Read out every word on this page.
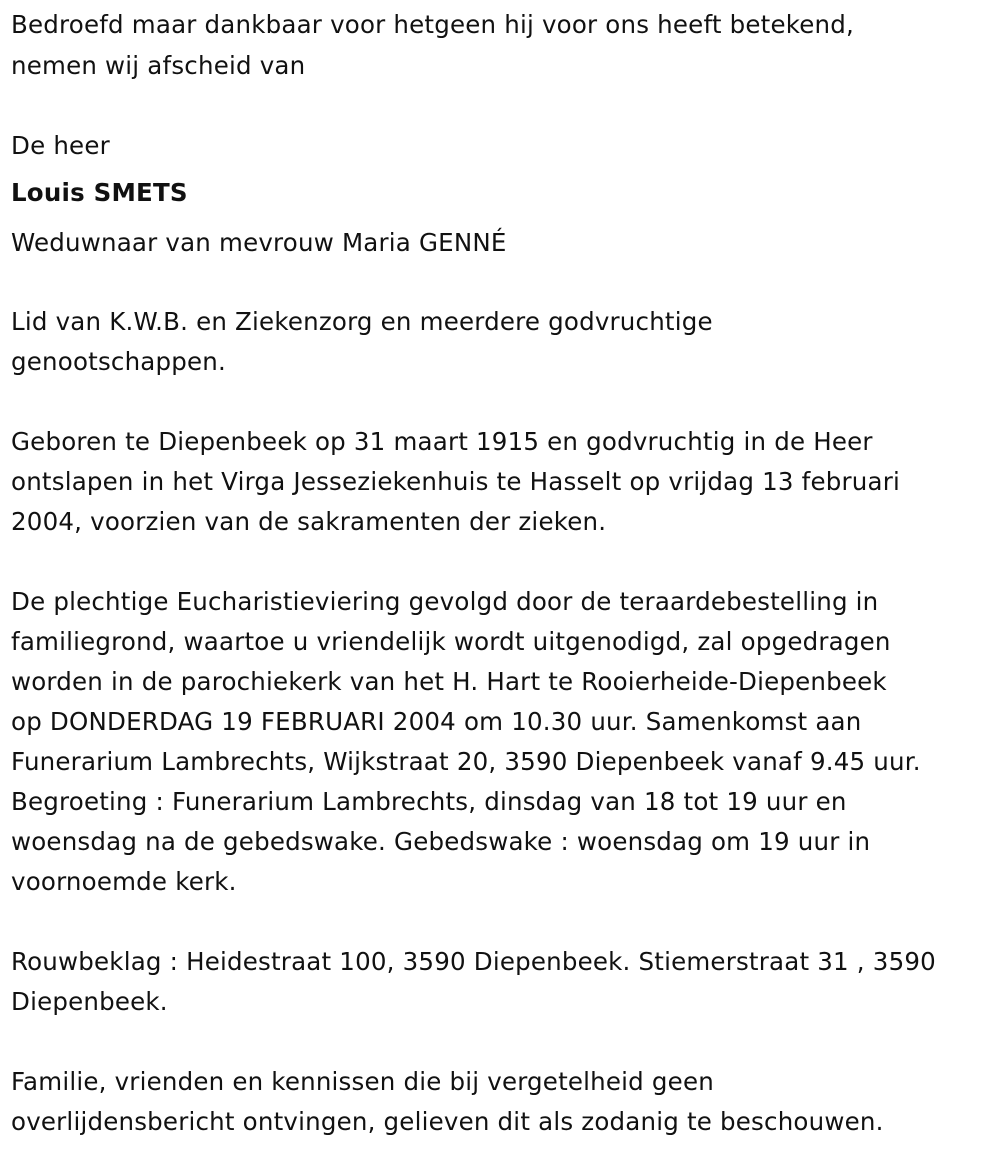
Bedroefd maar dankbaar voor hetgeen hij voor ons heeft betekend,

nemen wij afscheid van

De heer

Louis SMETS

Weduwnaar van mevrouw Maria GENNÉ

Lid van K.W.B. en Ziekenzorg en meerdere godvruchtige

genootschappen.

Geboren te Diepenbeek op 31 maart 1915 en godvruchtig in de Heer

ontslapen in het Virga Jesseziekenhuis te Hasselt op vrijdag 13 februari

2004, voorzien van de sakramenten der zieken.

De plechtige Eucharistieviering gevolgd door de teraardebestelling in

familiegrond, waartoe u vriendelijk wordt uitgenodigd, zal opgedragen

worden in de parochiekerk van het H. Hart te Rooierheide-Diepenbeek

op DONDERDAG 19 FEBRUARI 2004 om 10.30 uur. Samenkomst aan

Funerarium Lambrechts, Wijkstraat 20, 3590 Diepenbeek vanaf 9.45 uur.

Begroeting : Funerarium Lambrechts, dinsdag van 18 tot 19 uur en

woensdag na de gebedswake. Gebedswake : woensdag om 19 uur in

voornoemde kerk.

Rouwbeklag : Heidestraat 100, 3590 Diepenbeek. Stiemerstraat 31 , 3590

Diepenbeek.

Familie, vrienden en kennissen die bij vergetelheid geen

overlijdensbericht ontvingen, gelieven dit als zodanig te beschouwen.
